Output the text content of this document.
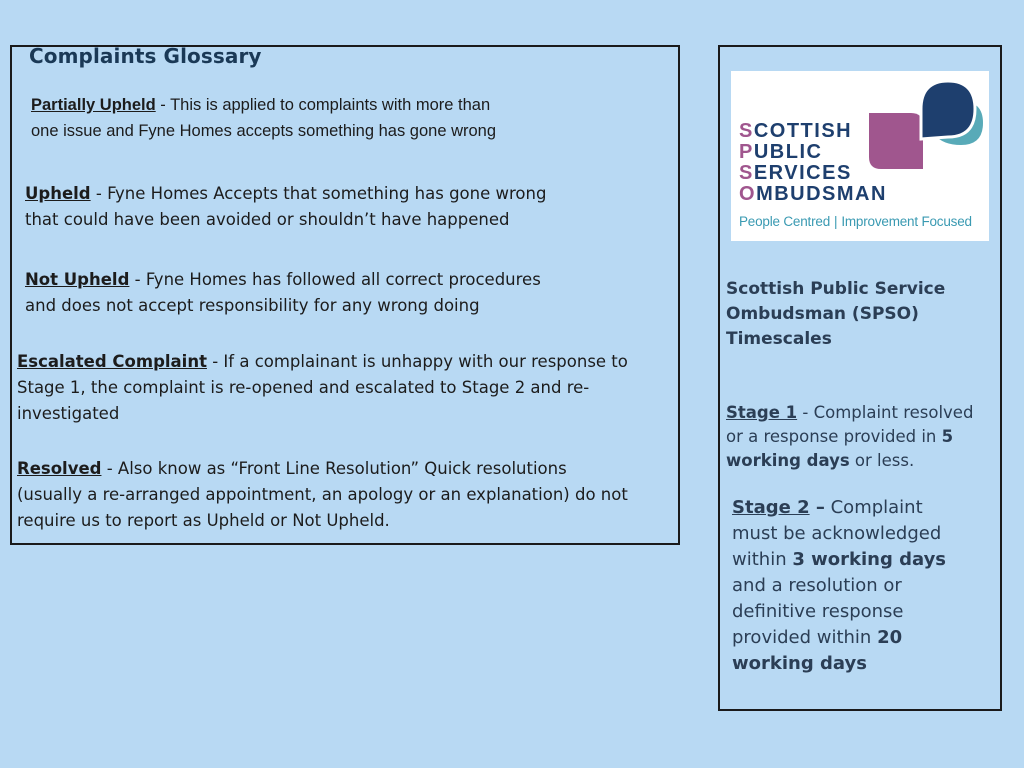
Complaints Glossary
Partially Upheld - This is applied to complaints with more than
one issue and Fyne Homes accepts something has gone wrong
Upheld - Fyne Homes Accepts that something has gone wrong
that could have been avoided or shouldn’t have happened
Not Upheld - Fyne Homes has followed all correct procedures
and does not accept responsibility for any wrong doing
Escalated Complaint - If a complainant is unhappy with our response to
Stage 1, the complaint is re-opened and escalated to Stage 2 and re-
investigated
Resolved - Also know as “Front Line Resolution” Quick resolutions
(usually a re-arranged appointment, an apology or an explanation) do not
require us to report as Upheld or Not Upheld.
SCOTTISH
PUBLIC
SERVICES
OMBUDSMAN
People Centred | Improvement Focused
Scottish Public Service
Ombudsman (SPSO)
Timescales
Stage 1 - Complaint resolved
or a response provided in 5
working days or less.
Stage 2 – Complaint
must be acknowledged
within 3 working days
and a resolution or
definitive response
provided within 20
working days
